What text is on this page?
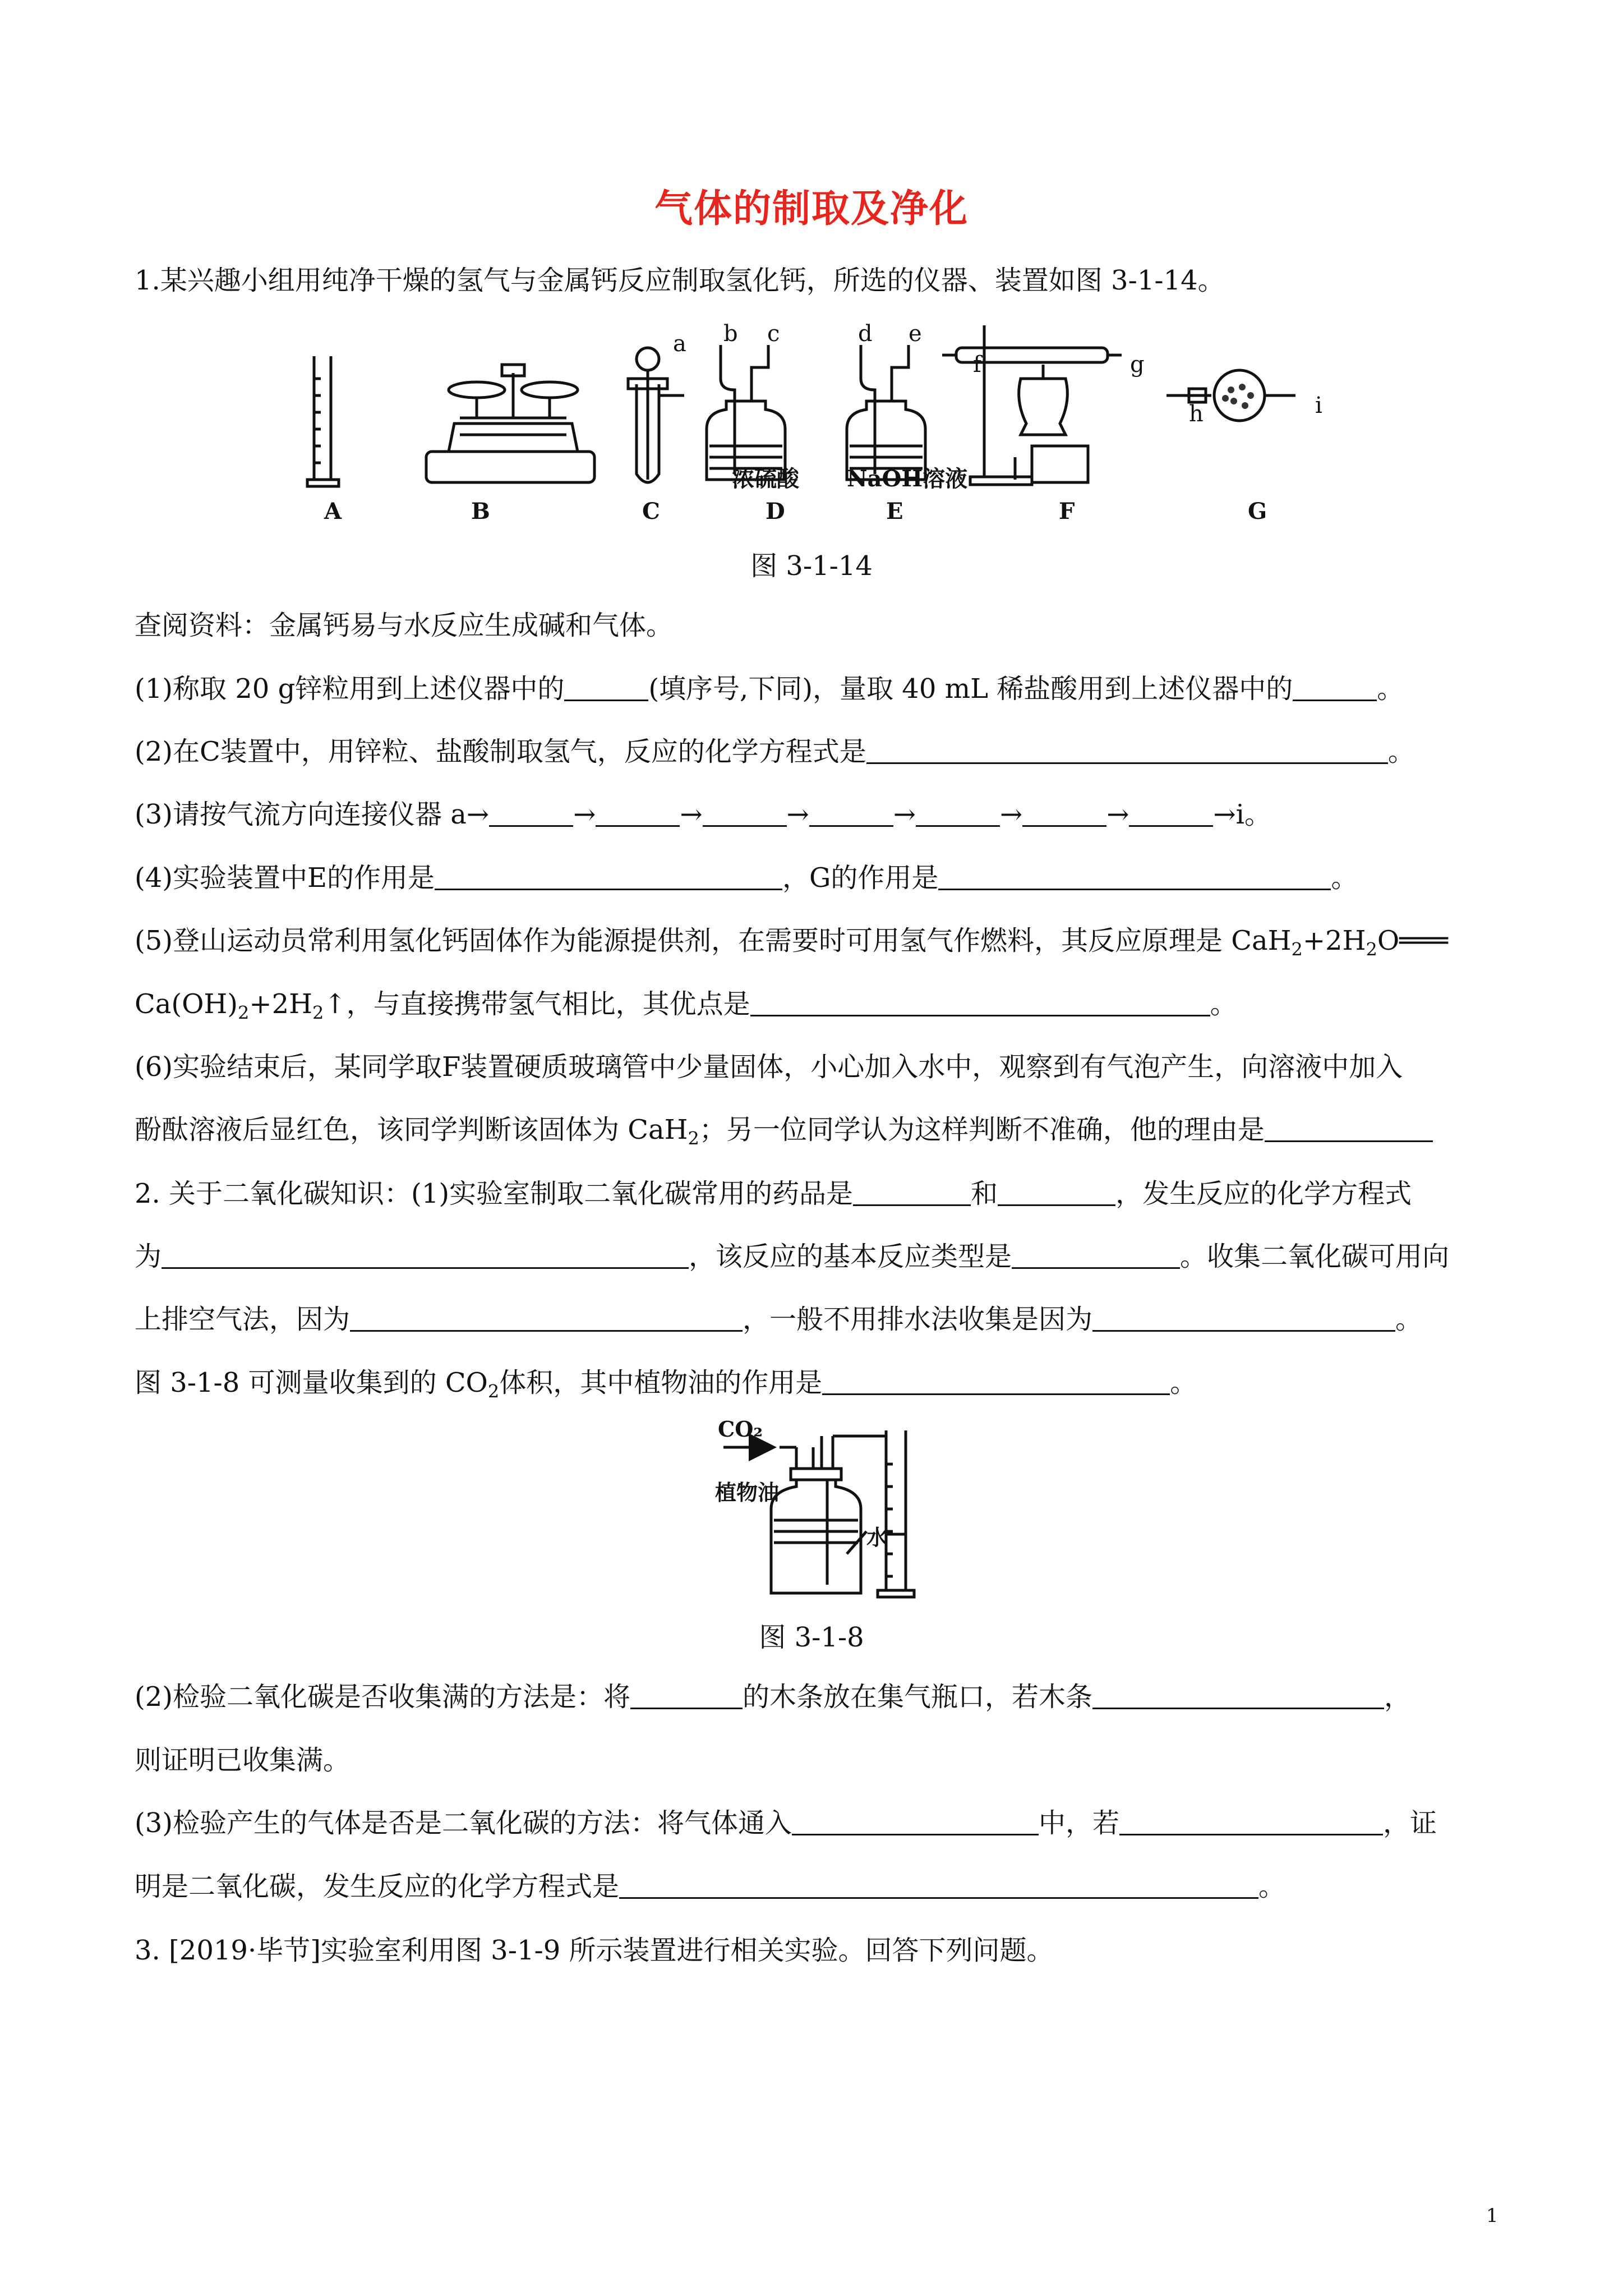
气体的制取及净化
1.某兴趣小组用纯净干燥的氢气与金属钙反应制取氢化钙，所选的仪器、装置如图 3-1-14。
a b c	d e
f	g
h	i
浓硫酸 NaOH溶液
A	B	C	D	E	F	G
图 3-1-14
查阅资料：金属钙易与水反应生成碱和气体。
(1)称取 20 g锌粒用到上述仪器中的	(填序号,下同)，量取 40 mL 稀盐酸用到上述仪器中的	。
(2)在C装置中，用锌粒、盐酸制取氢气，反应的化学方程式是	。
(3)请按气流方向连接仪器 a→	→	→	→	→	→	→	→i。
(4)实验装置中E的作用是	，G的作用是	。
(5)登山运动员常利用氢化钙固体作为能源提供剂，在需要时可用氢气作燃料，其反应原理是 $CaH_2+2H_2O═══$
$Ca(OH)_2+2H_2↑$，与直接携带氢气相比，其优点是	。
(6)实验结束后，某同学取F装置硬质玻璃管中少量固体，小心加入水中，观察到有气泡产生，向溶液中加入
酚酞溶液后显红色，该同学判断该固体为 CaH$_2$；另一位同学认为这样判断不准确，他的理由是
2. 关于二氧化碳知识：(1)实验室制取二氧化碳常用的药品是	和	，发生反应的化学方程式
为	，该反应的基本反应类型是	。收集二氧化碳可用向
上排空气法，因为	，一般不用排水法收集是因为	。
图 3-1-8 可测量收集到的 $CO_2$体积，其中植物油的作用是	。
CO₂
植物油
水
图 3-1-8
(2)检验二氧化碳是否收集满的方法是：将	的木条放在集气瓶口，若木条	，
则证明已收集满。
(3)检验产生的气体是否是二氧化碳的方法：将气体通入	中，若	，证
明是二氧化碳，发生反应的化学方程式是	。
3. [2019·毕节]实验室利用图 3-1-9 所示装置进行相关实验。回答下列问题。
1
